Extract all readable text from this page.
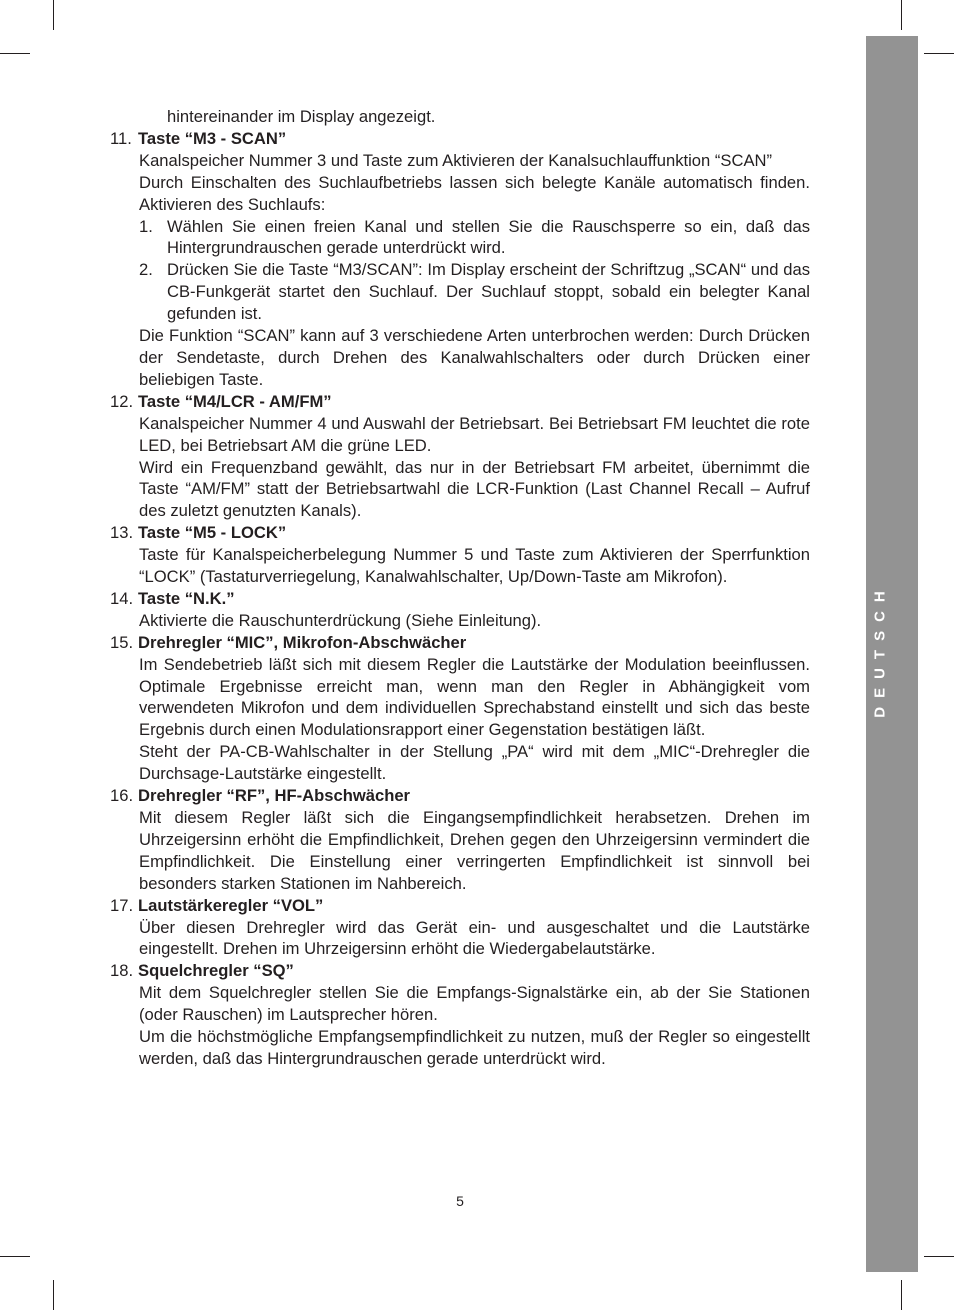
DEUTSCH
hintereinander im Display angezeigt.
11. Taste “M3 - SCAN”
Kanalspeicher Nummer 3 und Taste zum Aktivieren der Kanalsuchlauffunktion “SCAN”
Durch Einschalten des Suchlaufbetriebs lassen sich belegte Kanäle automatisch finden. Aktivieren des Suchlaufs:
1. Wählen Sie einen freien Kanal und stellen Sie die Rauschsperre so ein, daß das Hintergrundrauschen gerade unterdrückt wird.
2. Drücken Sie die Taste “M3/SCAN”: Im Display erscheint der Schriftzug „SCAN“ und das CB-Funkgerät startet den Suchlauf. Der Suchlauf stoppt, sobald ein belegter Kanal gefunden ist.
Die Funktion “SCAN” kann auf 3 verschiedene Arten unterbrochen werden: Durch Drücken der Sendetaste, durch Drehen des Kanalwahlschalters oder durch Drücken einer beliebigen Taste.
12. Taste “M4/LCR - AM/FM”
Kanalspeicher Nummer 4 und Auswahl der Betriebsart. Bei Betriebsart FM leuchtet die rote LED, bei Betriebsart AM die grüne LED.
Wird ein Frequenzband gewählt, das nur in der Betriebsart FM arbeitet, übernimmt die Taste “AM/FM” statt der Betriebsartwahl die LCR-Funktion (Last Channel Recall – Aufruf des zuletzt genutzten Kanals).
13. Taste “M5 - LOCK”
Taste für Kanalspeicherbelegung Nummer 5 und Taste zum Aktivieren der Sperrfunktion “LOCK” (Tastaturverriegelung, Kanalwahlschalter, Up/Down-Taste am Mikrofon).
14. Taste “N.K.”
Aktivierte die Rauschunterdrückung (Siehe Einleitung).
15. Drehregler “MIC”, Mikrofon-Abschwächer
Im Sendebetrieb läßt sich mit diesem Regler die Lautstärke der Modulation beeinflussen. Optimale Ergebnisse erreicht man, wenn man den Regler in Abhängigkeit vom verwendeten Mikrofon und dem individuellen Sprechabstand einstellt und sich das beste Ergebnis durch einen Modulationsrapport einer Gegenstation bestätigen läßt.
Steht der PA-CB-Wahlschalter in der Stellung „PA“ wird mit dem „MIC“-Drehregler die Durchsage-Lautstärke eingestellt.
16. Drehregler “RF”, HF-Abschwächer
Mit diesem Regler läßt sich die Eingangsempfindlichkeit herabsetzen. Drehen im Uhrzeigersinn erhöht die Empfindlichkeit, Drehen gegen den Uhrzeigersinn vermindert die Empfindlichkeit. Die Einstellung einer verringerten Empfindlichkeit ist sinnvoll bei besonders starken Stationen im Nahbereich.
17. Lautstärkeregler “VOL”
Über diesen Drehregler wird das Gerät ein- und ausgeschaltet und die Lautstärke eingestellt. Drehen im Uhrzeigersinn erhöht die Wiedergabelautstärke.
18. Squelchregler “SQ”
Mit dem Squelchregler stellen Sie die Empfangs-Signalstärke ein, ab der Sie Stationen (oder Rauschen) im Lautsprecher hören.
Um die höchstmögliche Empfangsempfindlichkeit zu nutzen, muß der Regler so eingestellt werden, daß das Hintergrundrauschen gerade unterdrückt wird.
5
